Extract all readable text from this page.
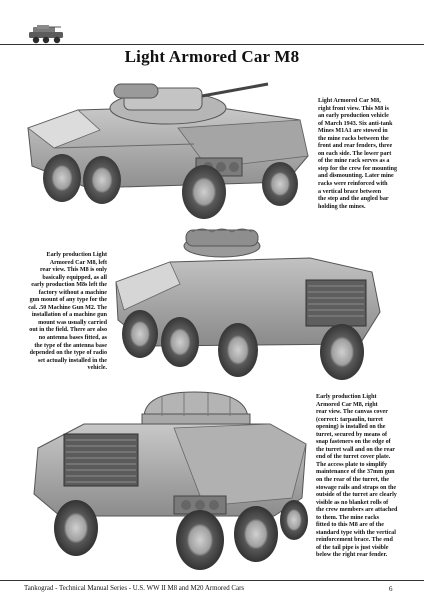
Light Armored Car M8
Light Armored Car M8,
right front view. This M8 is
an early production vehicle
of March 1943. Six anti-tank
Mines M1A1 are stowed in
the mine racks between the
front and rear fenders, three
on each side. The lower part
of the mine rack serves as a
step for the crew for mounting
and dismounting. Later mine
racks were reinforced with
a vertical brace between
the step and the angled bar
holding the mines.
Early production Light
Armored Car M8, left
rear view. This M8 is only
basically equipped, as all
early production M8s left the
factory without a machine
gun mount of any type for the
cal. .50 Machine Gun M2. The
installation of a machine gun
mount was usually carried
out in the field. There are also
no antenna bases fitted, as
the type of the antenna base
depended on the type of radio
set actually installed in the
vehicle.
Early production Light
Armored Car M8, right
rear view. The canvas cover
(correct: tarpaulin, turret
opening) is installed on the
turret, secured by means of
snap fasteners on the edge of
the turret wall and on the rear
end of the turret cover plate.
The access plate to simplify
maintenance of the 37mm gun
on the rear of the turret, the
stowage rails and straps on the
outside of the turret are clearly
visible as no blanket rolls of
the crew members are attached
to them. The mine racks
fitted to this M8 are of the
standard type with the vertical
reinforcement brace. The end
of the tail pipe is just visible
below the right rear fender.
Tankograd - Technical Manual Series - U.S. WW II M8 and M20 Armored Cars	6
